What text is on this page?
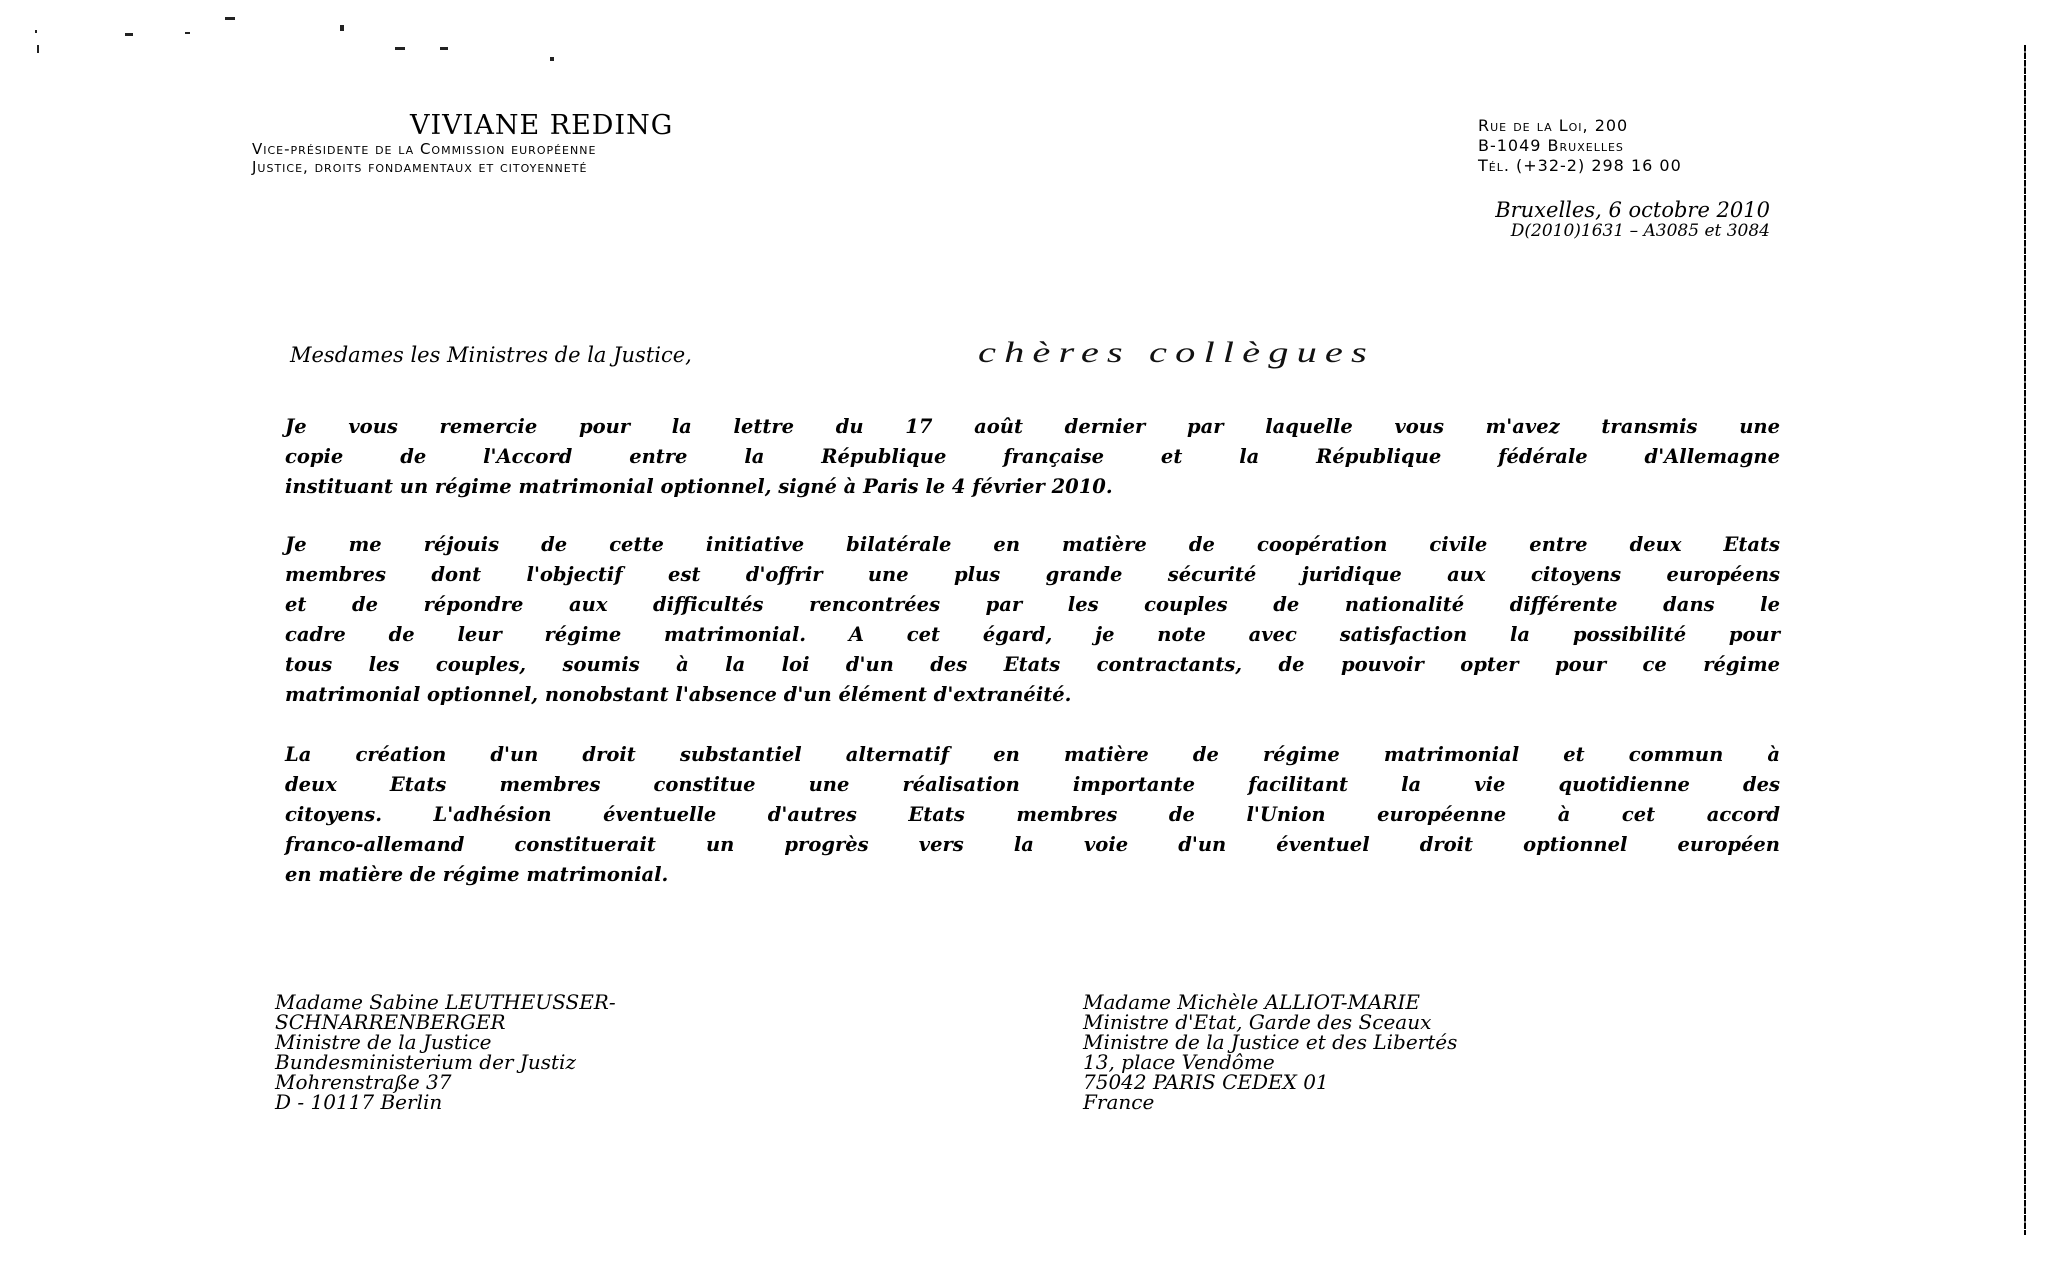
VIVIANE REDING
Vice-présidente de la Commission européenne
Justice, droits fondamentaux et citoyenneté
Rue de la Loi, 200
B-1049 Bruxelles
Tél. (+32-2) 298 16 00
Bruxelles, 6 octobre 2010
D(2010)1631 – A3085 et 3084
Mesdames les Ministres de la Justice,	chères collègues
Je vous remercie pour la lettre du 17 août dernier par laquelle vous m'avez transmis une
copie de l'Accord entre la République française et la République fédérale d'Allemagne
instituant un régime matrimonial optionnel, signé à Paris le 4 février 2010.
Je me réjouis de cette initiative bilatérale en matière de coopération civile entre deux Etats
membres dont l'objectif est d'offrir une plus grande sécurité juridique aux citoyens européens
et de répondre aux difficultés rencontrées par les couples de nationalité différente dans le
cadre de leur régime matrimonial. A cet égard, je note avec satisfaction la possibilité pour
tous les couples, soumis à la loi d'un des Etats contractants, de pouvoir opter pour ce régime
matrimonial optionnel, nonobstant l'absence d'un élément d'extranéité.
La création d'un droit substantiel alternatif en matière de régime matrimonial et commun à
deux Etats membres constitue une réalisation importante facilitant la vie quotidienne des
citoyens. L'adhésion éventuelle d'autres Etats membres de l'Union européenne à cet accord
franco-allemand constituerait un progrès vers la voie d'un éventuel droit optionnel européen
en matière de régime matrimonial.
Madame Sabine LEUTHEUSSER-
SCHNARRENBERGER
Ministre de la Justice
Bundesministerium der Justiz
Mohrenstraße 37
D - 10117 Berlin
Madame Michèle ALLIOT-MARIE
Ministre d'Etat, Garde des Sceaux
Ministre de la Justice et des Libertés
13, place Vendôme
75042 PARIS CEDEX 01
France
